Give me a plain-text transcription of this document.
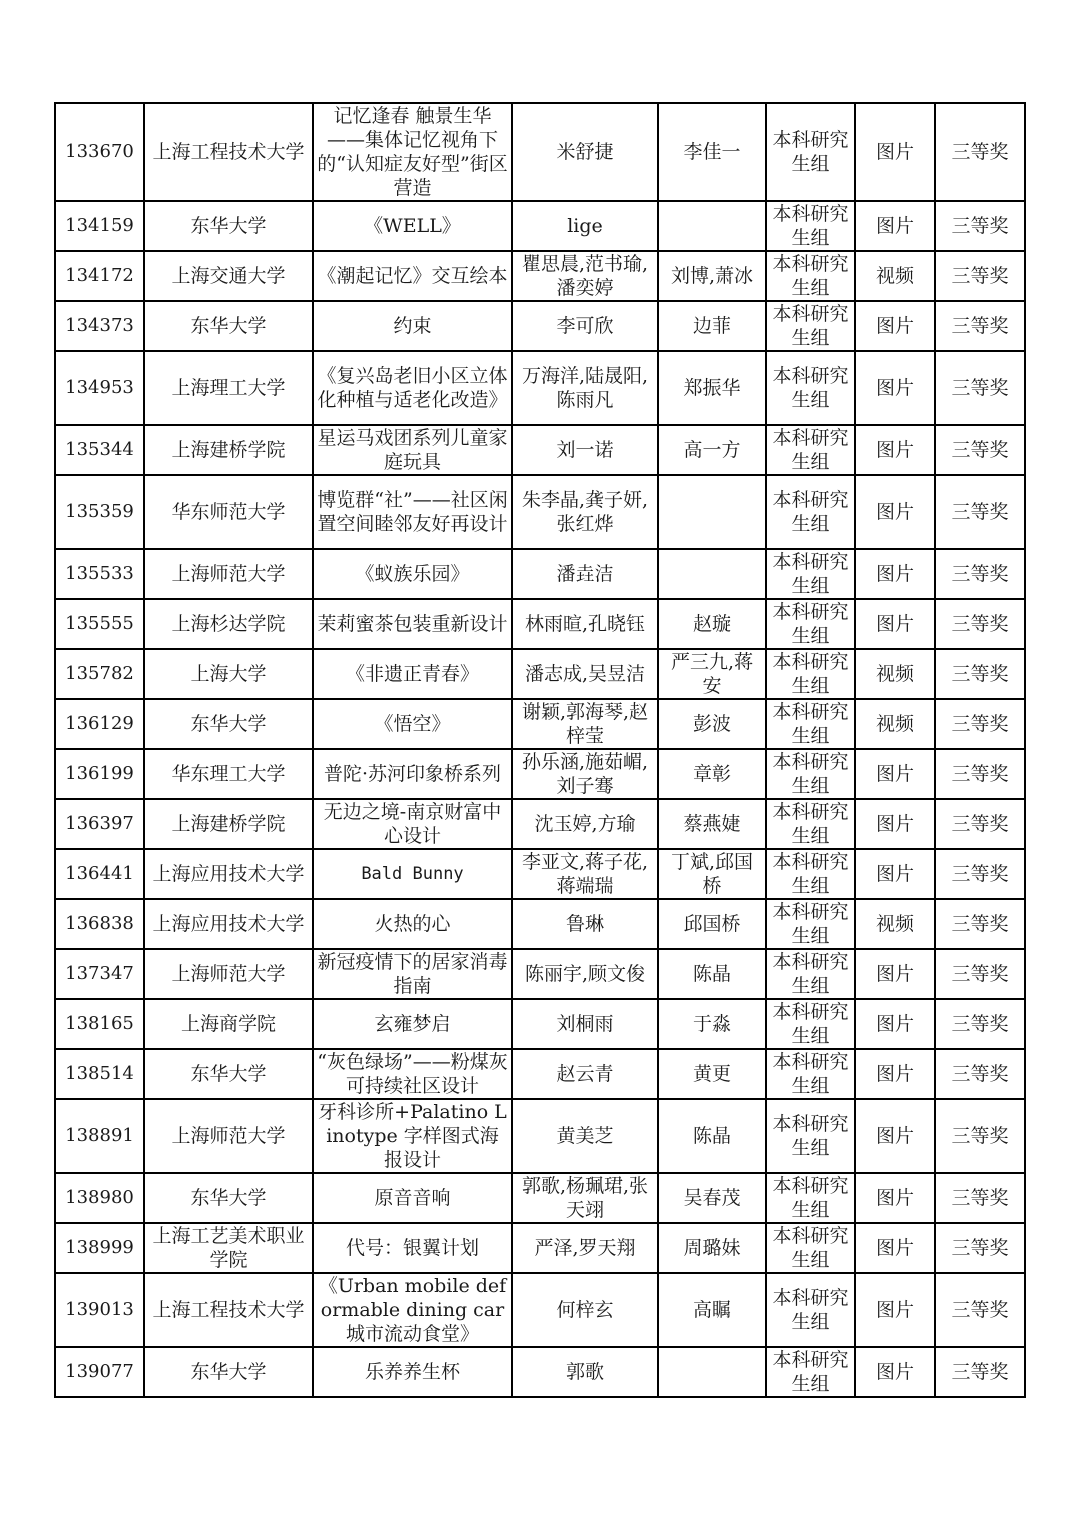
133670	上海工程技术大学	记忆逢春 触景生华——集体记忆视角下的“认知症友好型”街区营造	米舒捷	李佳一	本科研究生组	图片	三等奖
134159	东华大学	《WELL》	lige		本科研究生组	图片	三等奖
134172	上海交通大学	《潮起记忆》交互绘本	瞿思晨,范书瑜,潘奕婷	刘博,萧冰	本科研究生组	视频	三等奖
134373	东华大学	约束	李可欣	边菲	本科研究生组	图片	三等奖
134953	上海理工大学	《复兴岛老旧小区立体化种植与适老化改造》	万海洋,陆晟阳,陈雨凡	郑振华	本科研究生组	图片	三等奖
135344	上海建桥学院	星运马戏团系列儿童家庭玩具	刘一诺	高一方	本科研究生组	图片	三等奖
135359	华东师范大学	博览群“社”——社区闲置空间睦邻友好再设计	朱李晶,龚子妍,张红烨		本科研究生组	图片	三等奖
135533	上海师范大学	《蚁族乐园》	潘垚洁		本科研究生组	图片	三等奖
135555	上海杉达学院	茉莉蜜茶包装重新设计	林雨暄,孔晓钰	赵璇	本科研究生组	图片	三等奖
135782	上海大学	《非遗正青春》	潘志成,吴昱洁	严三九,蒋安	本科研究生组	视频	三等奖
136129	东华大学	《悟空》	谢颖,郭海琴,赵梓莹	彭波	本科研究生组	视频	三等奖
136199	华东理工大学	普陀·苏河印象桥系列	孙乐涵,施茹嵋,刘子骞	章彰	本科研究生组	图片	三等奖
136397	上海建桥学院	无边之境-南京财富中心设计	沈玉婷,方瑜	蔡燕婕	本科研究生组	图片	三等奖
136441	上海应用技术大学	Bald Bunny	李亚文,蒋子花,蒋端瑞	丁斌,邱国桥	本科研究生组	图片	三等奖
136838	上海应用技术大学	火热的心	鲁琳	邱国桥	本科研究生组	视频	三等奖
137347	上海师范大学	新冠疫情下的居家消毒指南	陈丽宇,顾文俊	陈晶	本科研究生组	图片	三等奖
138165	上海商学院	玄雍梦启	刘桐雨	于淼	本科研究生组	图片	三等奖
138514	东华大学	“灰色绿场”——粉煤灰可持续社区设计	赵云青	黄更	本科研究生组	图片	三等奖
138891	上海师范大学	牙科诊所+Palatino Linotype 字样图式海报设计	黄美芝	陈晶	本科研究生组	图片	三等奖
138980	东华大学	原音音响	郭歌,杨珮珺,张天翊	吴春茂	本科研究生组	图片	三等奖
138999	上海工艺美术职业学院	代号：银翼计划	严泽,罗天翔	周璐妹	本科研究生组	图片	三等奖
139013	上海工程技术大学	《Urban mobile deformable dining car 城市流动食堂》	何梓玄	高瞩	本科研究生组	图片	三等奖
139077	东华大学	乐养养生杯	郭歌		本科研究生组	图片	三等奖
